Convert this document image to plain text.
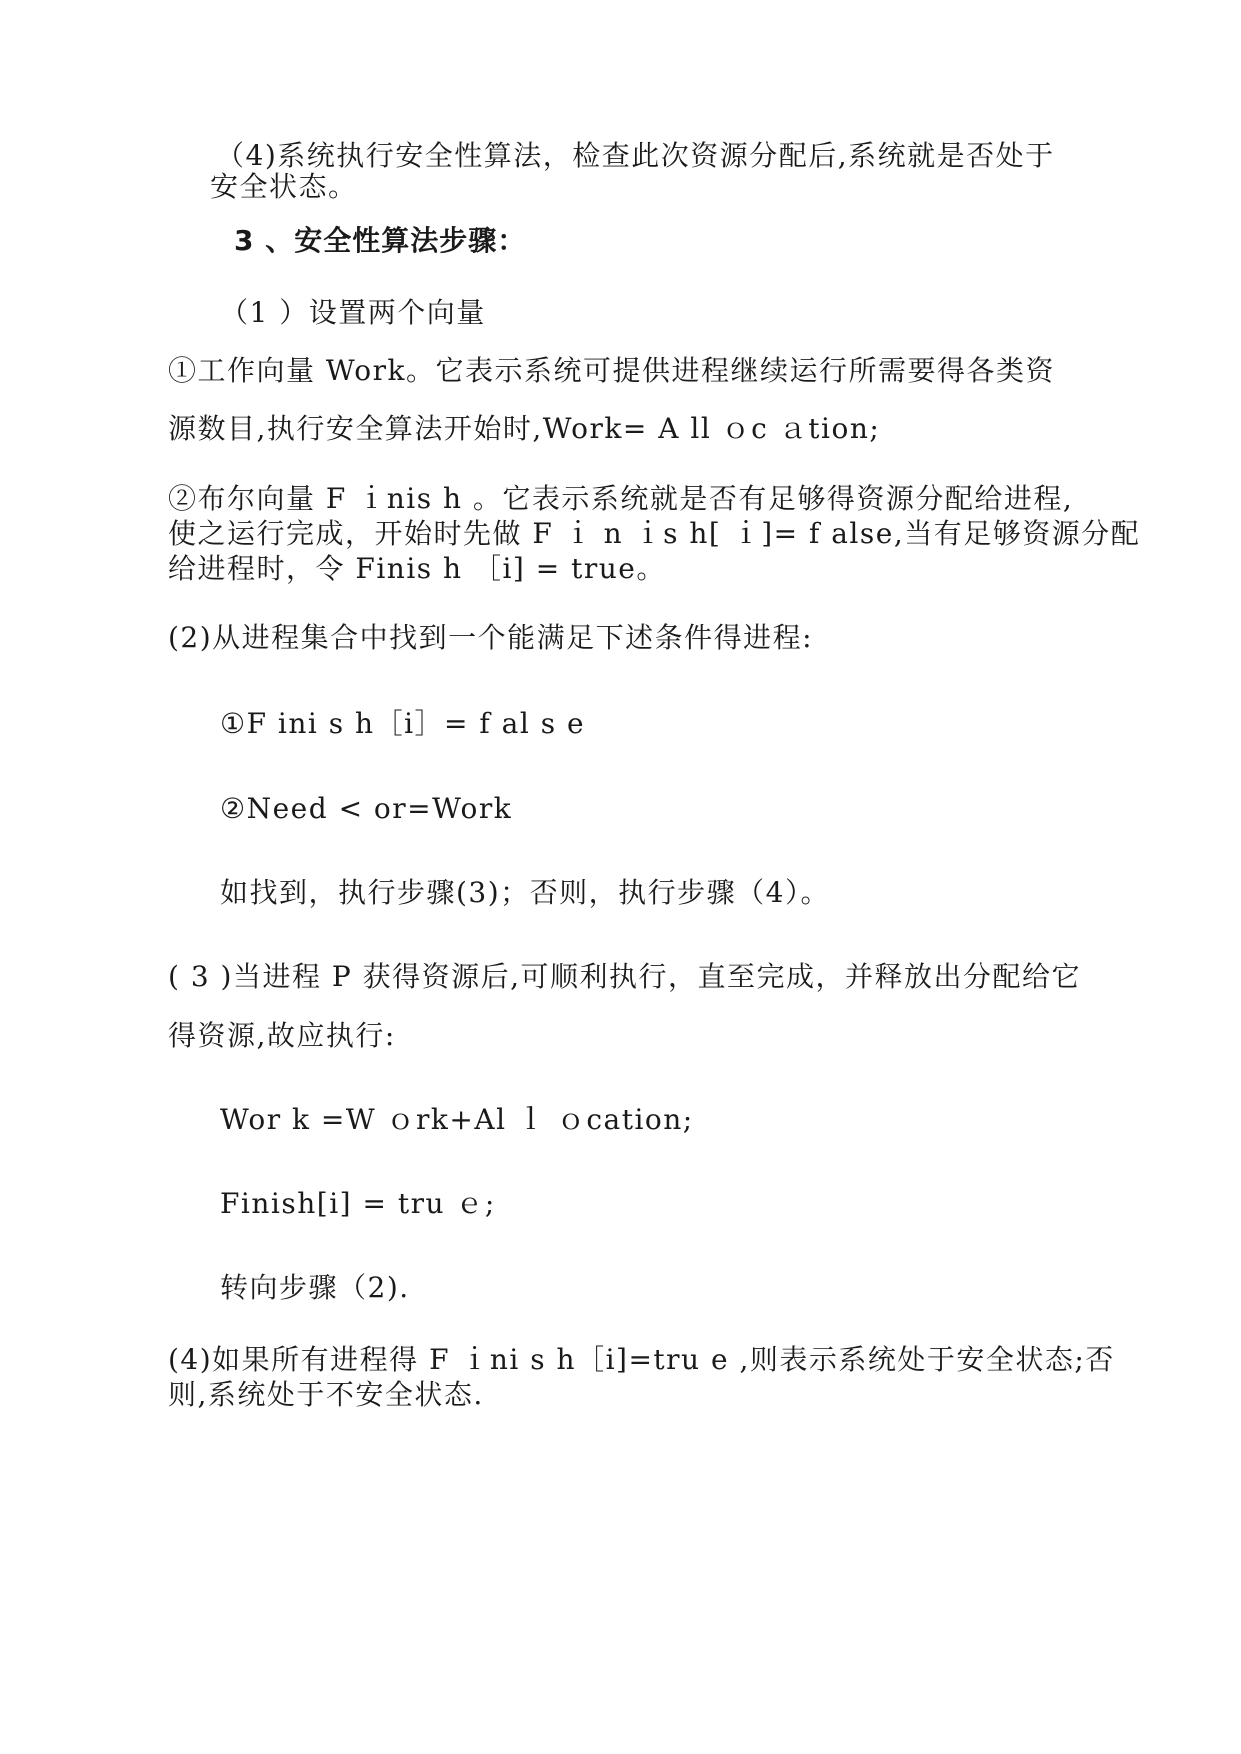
（4)系统执行安全性算法，检查此次资源分配后,系统就是否处于
安全状态。
3 、安全性算法步骤：
（1 ）设置两个向量
①工作向量 Work。它表示系统可提供进程继续运行所需要得各类资
源数目,执行安全算法开始时,Work= A ll ｏc ａtion;
②布尔向量 F ｉnis h 。它表示系统就是否有足够得资源分配给进程,
使之运行完成，开始时先做 F ｉ n ｉs h[ ｉ]= f alse,当有足够资源分配
给进程时，令 Finis h ［i] = true。
(2)从进程集合中找到一个能满足下述条件得进程:
①F ini s h［i］= f al s e
②Need < or=Work
如找到，执行步骤(3)；否则，执行步骤（4）。
( 3 )当进程 P 获得资源后,可顺利执行，直至完成，并释放出分配给它
得资源,故应执行:
Wor k =W ｏrk+Al ｌ ｏcation;
Finish[i] = tru ｅ;
转向步骤（2).
(4)如果所有进程得 F ｉni s h［i]=tru e ,则表示系统处于安全状态;否
则,系统处于不安全状态.
